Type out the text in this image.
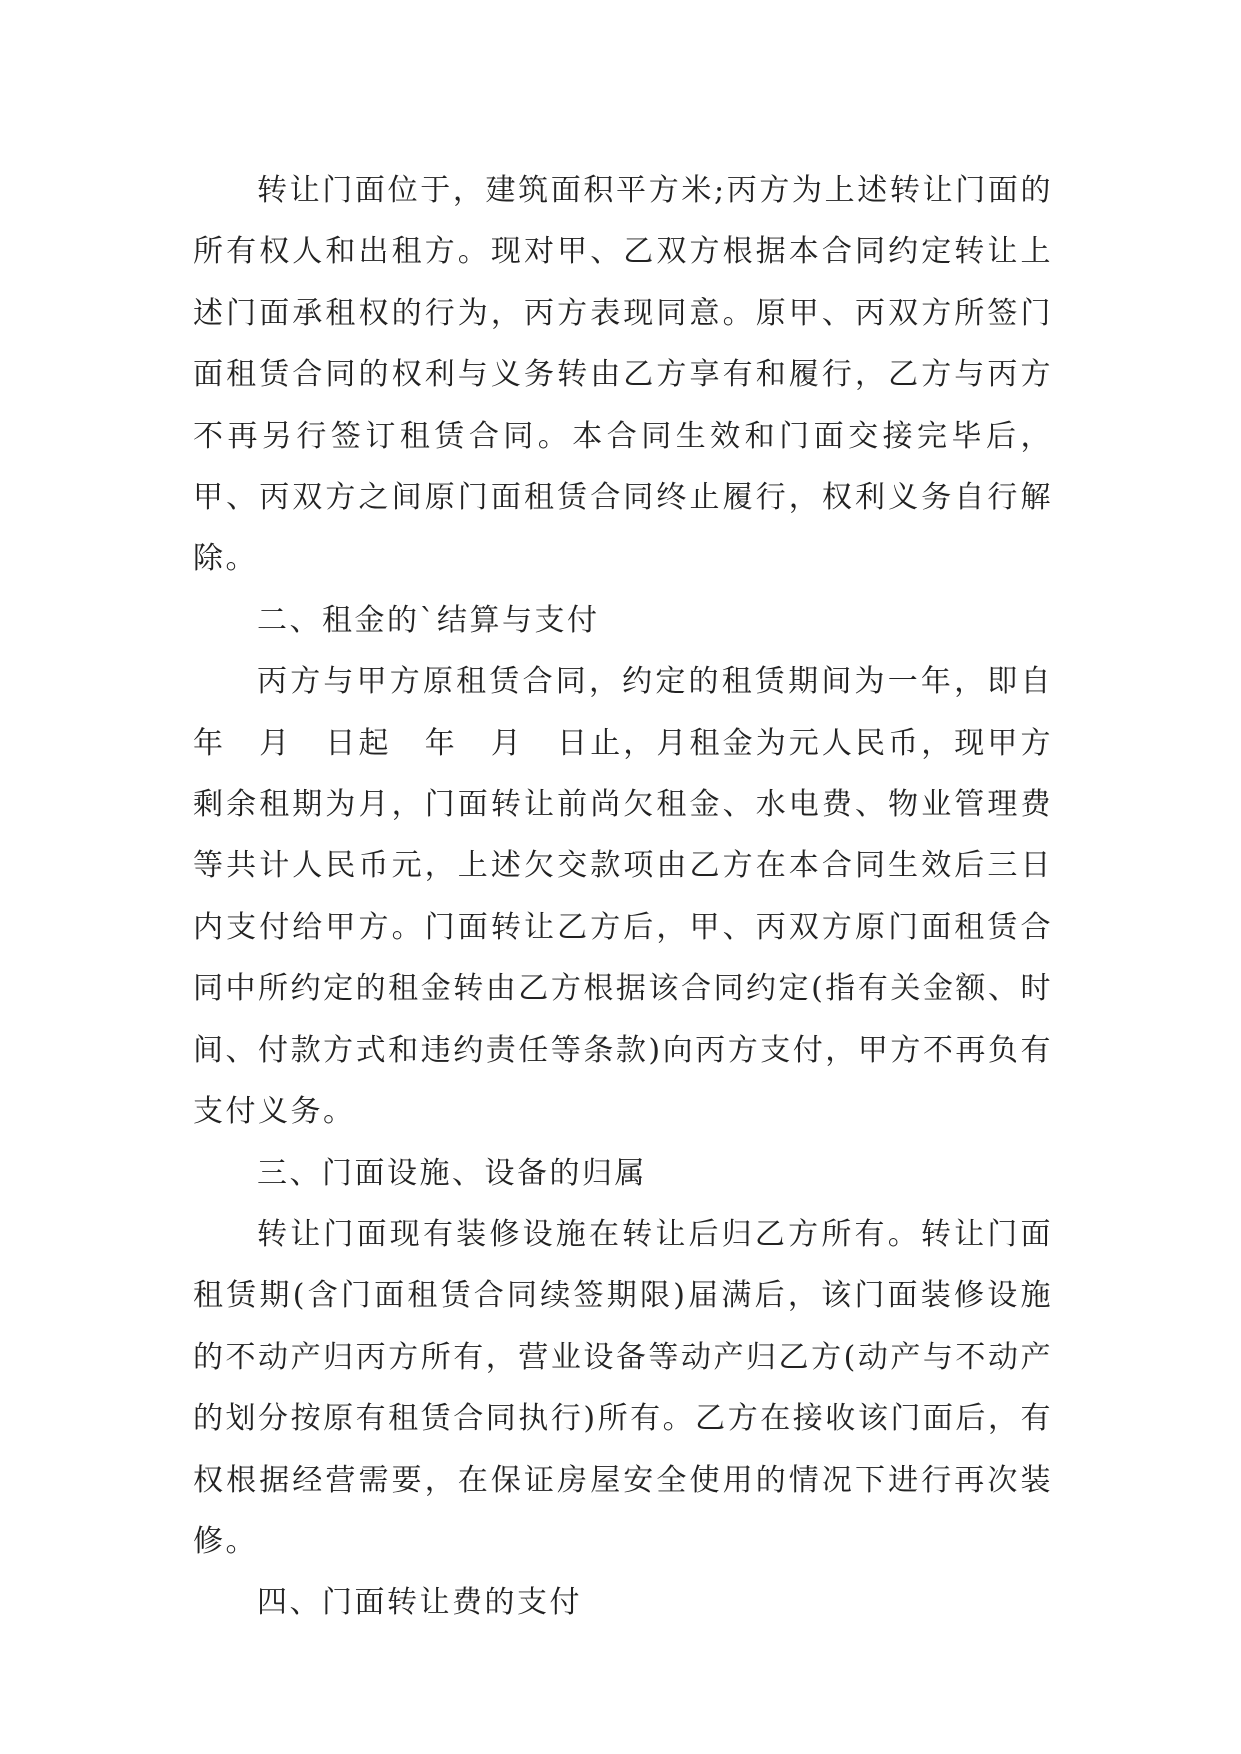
转让门面位于，建筑面积平方米;丙方为上述转让门面的所有权人和出租方。现对甲、乙双方根据本合同约定转让上述门面承租权的行为，丙方表现同意。原甲、丙双方所签门面租赁合同的权利与义务转由乙方享有和履行，乙方与丙方不再另行签订租赁合同。本合同生效和门面交接完毕后，甲、丙双方之间原门面租赁合同终止履行，权利义务自行解除。

二、租金的`结算与支付

丙方与甲方原租赁合同，约定的租赁期间为一年，即自年　月　日起　年　月　日止，月租金为元人民币，现甲方剩余租期为月，门面转让前尚欠租金、水电费、物业管理费等共计人民币元，上述欠交款项由乙方在本合同生效后三日内支付给甲方。门面转让乙方后，甲、丙双方原门面租赁合同中所约定的租金转由乙方根据该合同约定(指有关金额、时间、付款方式和违约责任等条款)向丙方支付，甲方不再负有支付义务。

三、门面设施、设备的归属

转让门面现有装修设施在转让后归乙方所有。转让门面租赁期(含门面租赁合同续签期限)届满后，该门面装修设施的不动产归丙方所有，营业设备等动产归乙方(动产与不动产的划分按原有租赁合同执行)所有。乙方在接收该门面后，有权根据经营需要，在保证房屋安全使用的情况下进行再次装修。

四、门面转让费的支付
